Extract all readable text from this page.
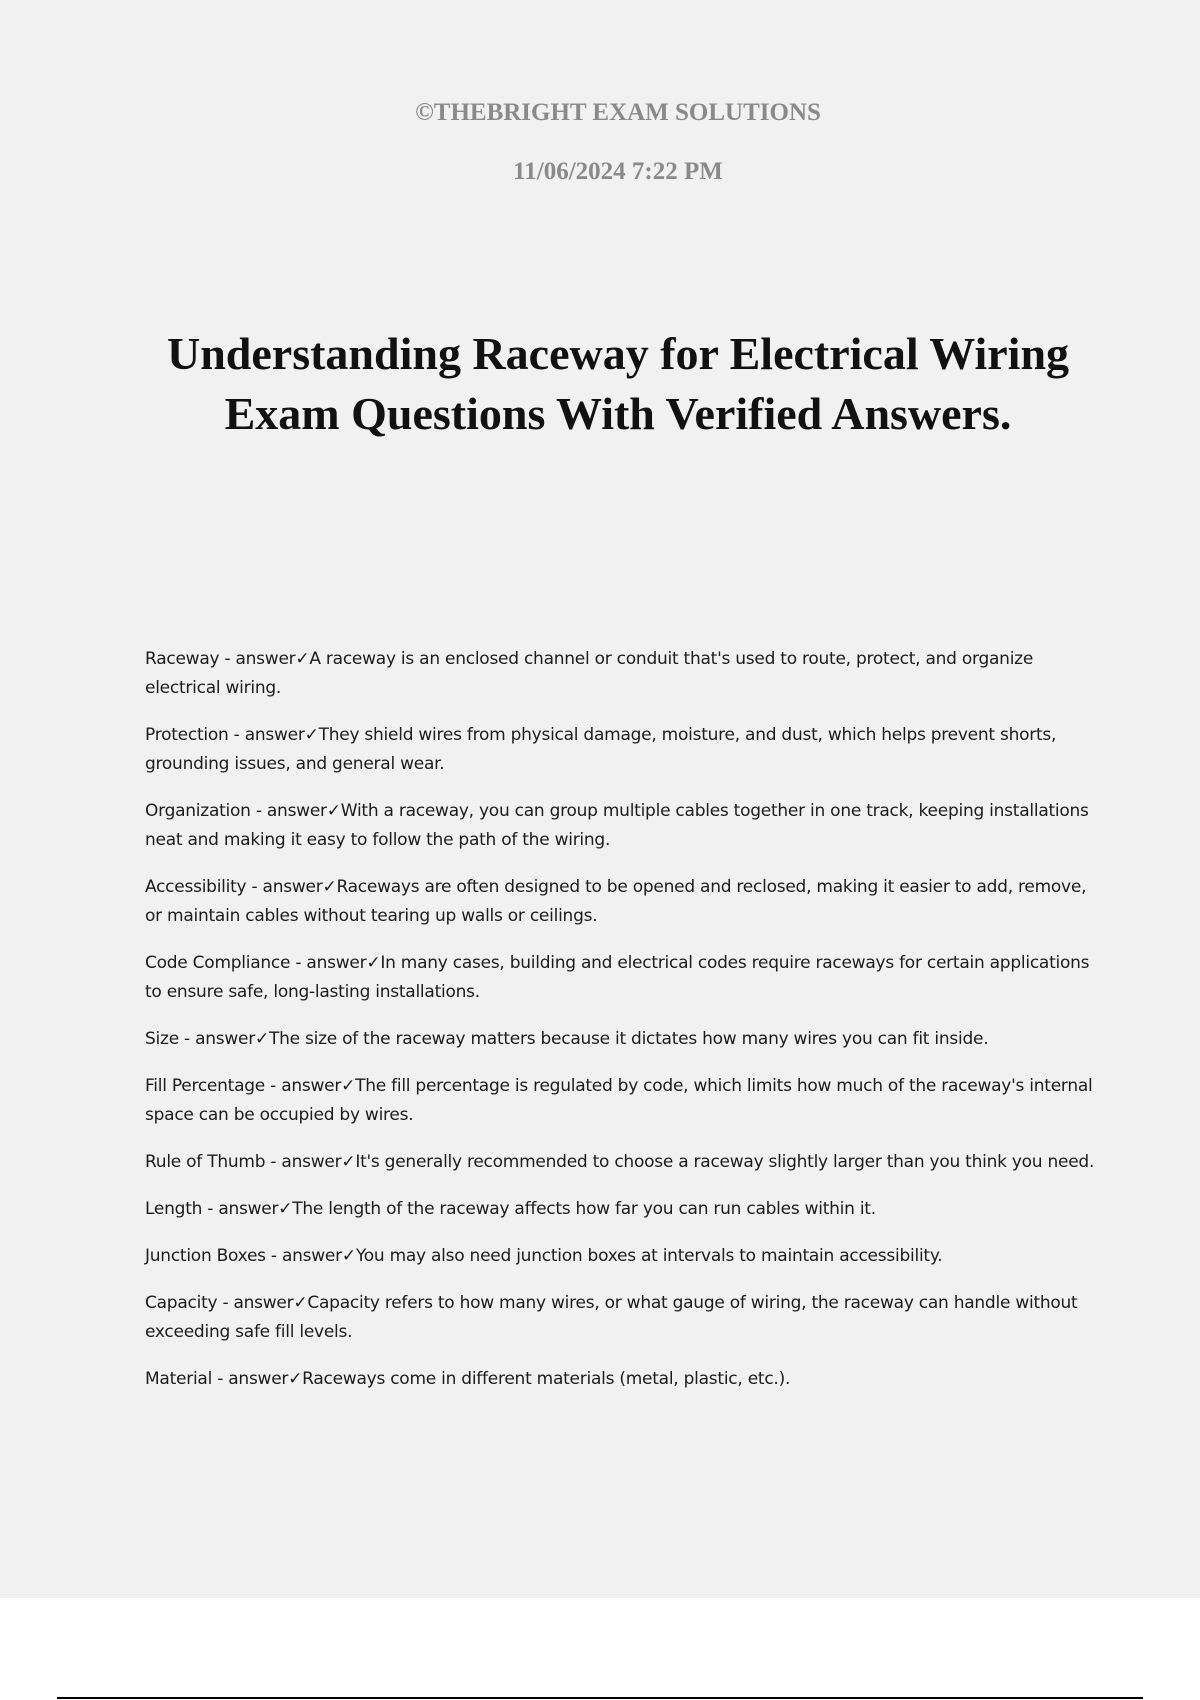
©THEBRIGHT EXAM SOLUTIONS
11/06/2024 7:22 PM
Understanding Raceway for Electrical Wiring Exam Questions With Verified Answers.
Raceway - answer✓A raceway is an enclosed channel or conduit that's used to route, protect, and organize electrical wiring.
Protection - answer✓They shield wires from physical damage, moisture, and dust, which helps prevent shorts, grounding issues, and general wear.
Organization - answer✓With a raceway, you can group multiple cables together in one track, keeping installations neat and making it easy to follow the path of the wiring.
Accessibility - answer✓Raceways are often designed to be opened and reclosed, making it easier to add, remove, or maintain cables without tearing up walls or ceilings.
Code Compliance - answer✓In many cases, building and electrical codes require raceways for certain applications to ensure safe, long-lasting installations.
Size - answer✓The size of the raceway matters because it dictates how many wires you can fit inside.
Fill Percentage - answer✓The fill percentage is regulated by code, which limits how much of the raceway's internal space can be occupied by wires.
Rule of Thumb - answer✓It's generally recommended to choose a raceway slightly larger than you think you need.
Length - answer✓The length of the raceway affects how far you can run cables within it.
Junction Boxes - answer✓You may also need junction boxes at intervals to maintain accessibility.
Capacity - answer✓Capacity refers to how many wires, or what gauge of wiring, the raceway can handle without exceeding safe fill levels.
Material - answer✓Raceways come in different materials (metal, plastic, etc.).
